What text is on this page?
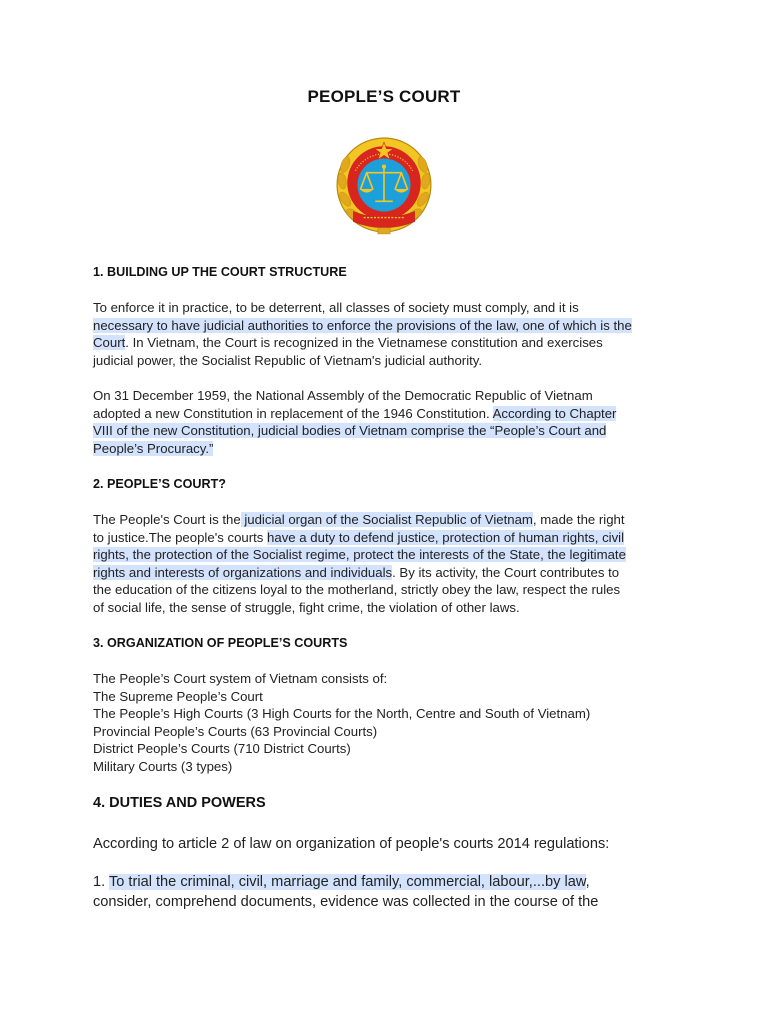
PEOPLE’S COURT

1. BUILDING UP THE COURT STRUCTURE

To enforce it in practice, to be deterrent, all classes of society must comply, and it is
necessary to have judicial authorities to enforce the provisions of the law, one of which is the
Court. In Vietnam, the Court is recognized in the Vietnamese constitution and exercises
judicial power, the Socialist Republic of Vietnam's judicial authority.

On 31 December 1959, the National Assembly of the Democratic Republic of Vietnam
adopted a new Constitution in replacement of the 1946 Constitution. According to Chapter
VIII of the new Constitution, judicial bodies of Vietnam comprise the “People’s Court and
People’s Procuracy.”

2. PEOPLE’S COURT?

The People's Court is the judicial organ of the Socialist Republic of Vietnam, made the right
to justice.The people's courts have a duty to defend justice, protection of human rights, civil
rights, the protection of the Socialist regime, protect the interests of the State, the legitimate
rights and interests of organizations and individuals. By its activity, the Court contributes to
the education of the citizens loyal to the motherland, strictly obey the law, respect the rules
of social life, the sense of struggle, fight crime, the violation of other laws.

3. ORGANIZATION OF PEOPLE’S COURTS

The People’s Court system of Vietnam consists of:
The Supreme People’s Court
The People’s High Courts (3 High Courts for the North, Centre and South of Vietnam)
Provincial People’s Courts (63 Provincial Courts)
District People’s Courts (710 District Courts)
Military Courts (3 types)

4. DUTIES AND POWERS

According to article 2 of law on organization of people's courts 2014 regulations:

1. To trial the criminal, civil, marriage and family, commercial, labour,...by law,
consider, comprehend documents, evidence was collected in the course of the
